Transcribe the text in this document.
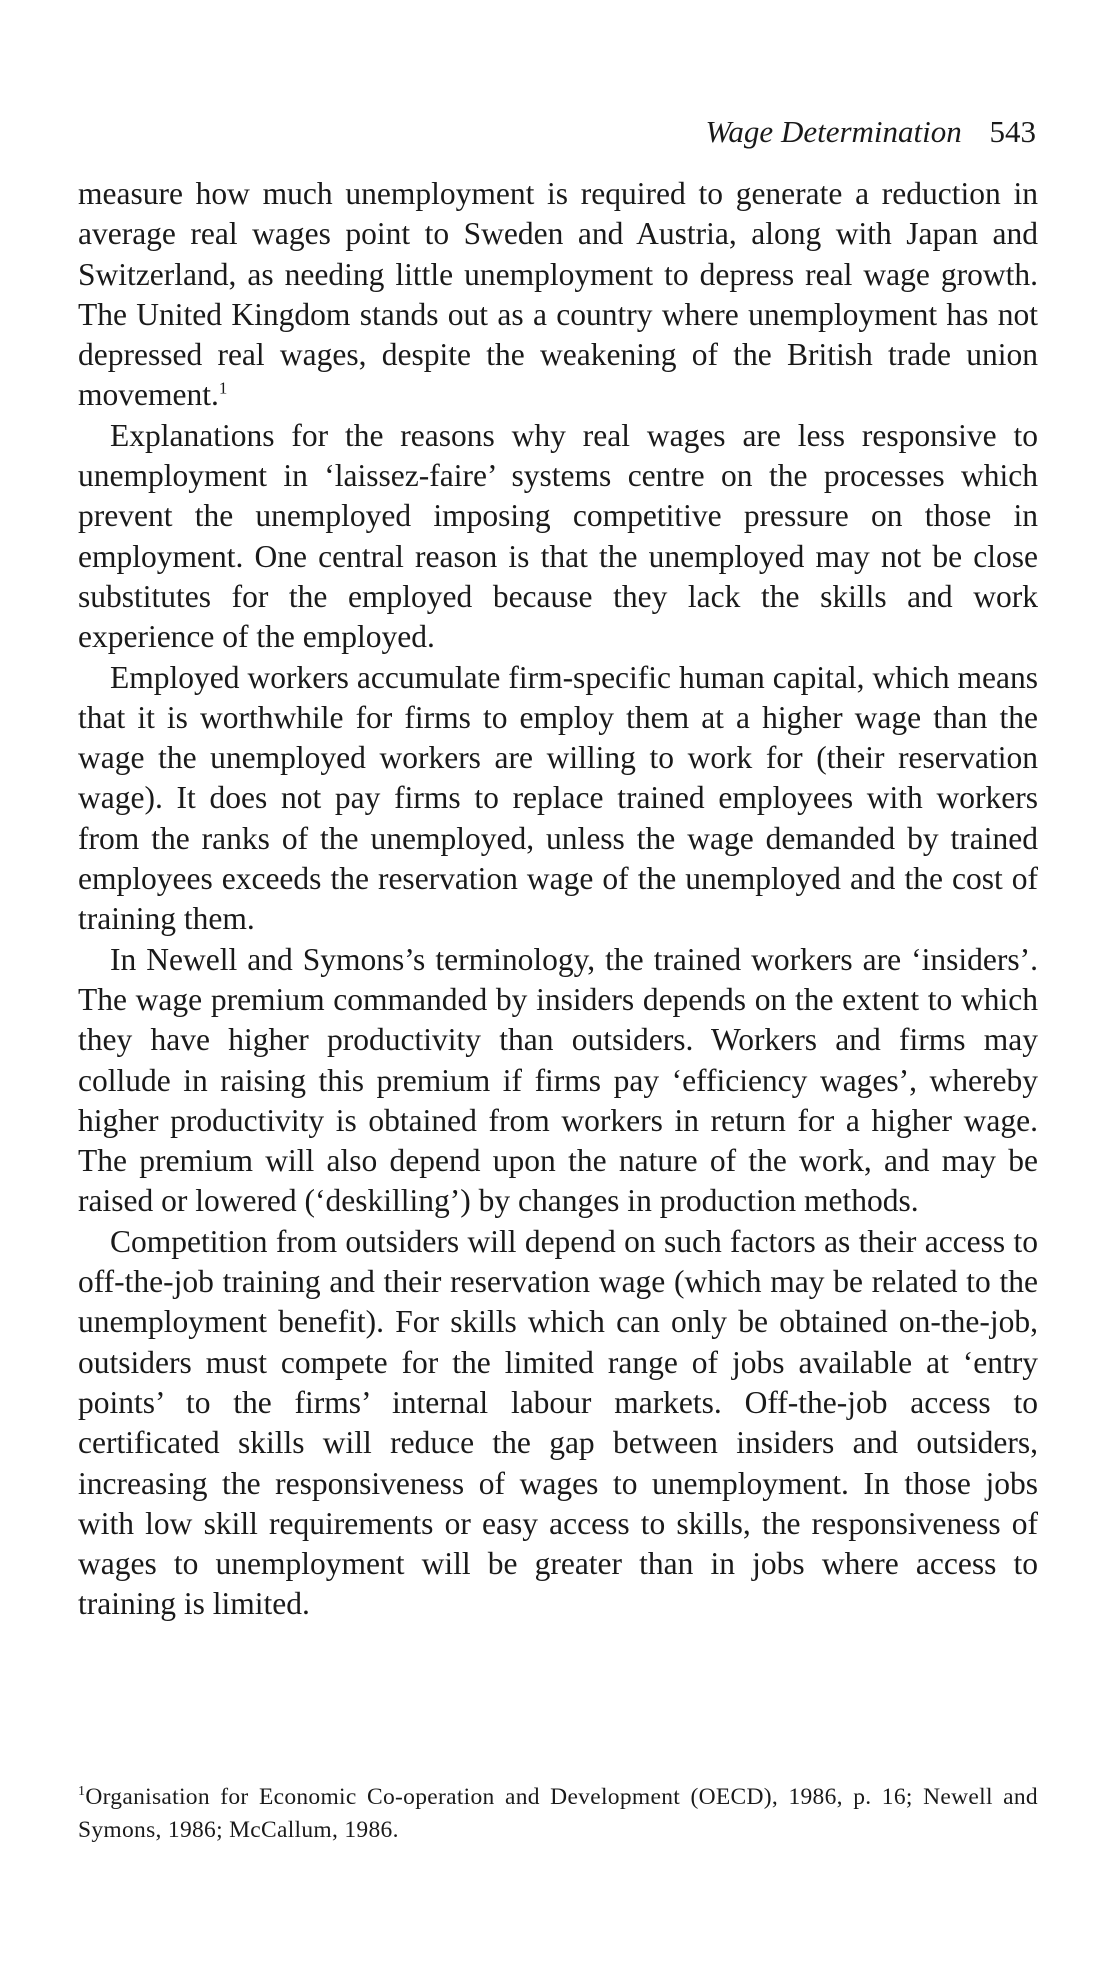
Wage Determination 543

measure how much unemployment is required to generate a reduction in average real wages point to Sweden and Austria, along with Japan and Switzerland, as needing little unemployment to depress real wage growth. The United Kingdom stands out as a country where unemployment has not depressed real wages, despite the weakening of the British trade union movement.$^1$

Explanations for the reasons why real wages are less responsive to unemployment in ‘laissez-faire’ systems centre on the processes which prevent the unemployed imposing competitive pressure on those in employment. One central reason is that the unemployed may not be close substitutes for the employed because they lack the skills and work experience of the employed.

Employed workers accumulate firm-specific human capital, which means that it is worthwhile for firms to employ them at a higher wage than the wage the unemployed workers are willing to work for (their reservation wage). It does not pay firms to replace trained employees with workers from the ranks of the unemployed, unless the wage demanded by trained employees exceeds the reservation wage of the unemployed and the cost of training them.

In Newell and Symons’s terminology, the trained workers are ‘insiders’. The wage premium commanded by insiders depends on the extent to which they have higher productivity than outsiders. Workers and firms may collude in raising this premium if firms pay ‘efficiency wages’, whereby higher productivity is obtained from workers in return for a higher wage. The premium will also depend upon the nature of the work, and may be raised or lowered (‘deskilling’) by changes in production methods.

Competition from outsiders will depend on such factors as their access to off-the-job training and their reservation wage (which may be related to the unemployment benefit). For skills which can only be obtained on-the-job, outsiders must compete for the limited range of jobs available at ‘entry points’ to the firms’ internal labour markets. Off-the-job access to certificated skills will reduce the gap between insiders and outsiders, increasing the responsiveness of wages to unemployment. In those jobs with low skill requirements or easy access to skills, the responsiveness of wages to unemployment will be greater than in jobs where access to training is limited.

$^1$Organisation for Economic Co-operation and Development (OECD), 1986, p. 16; Newell and Symons, 1986; McCallum, 1986.
